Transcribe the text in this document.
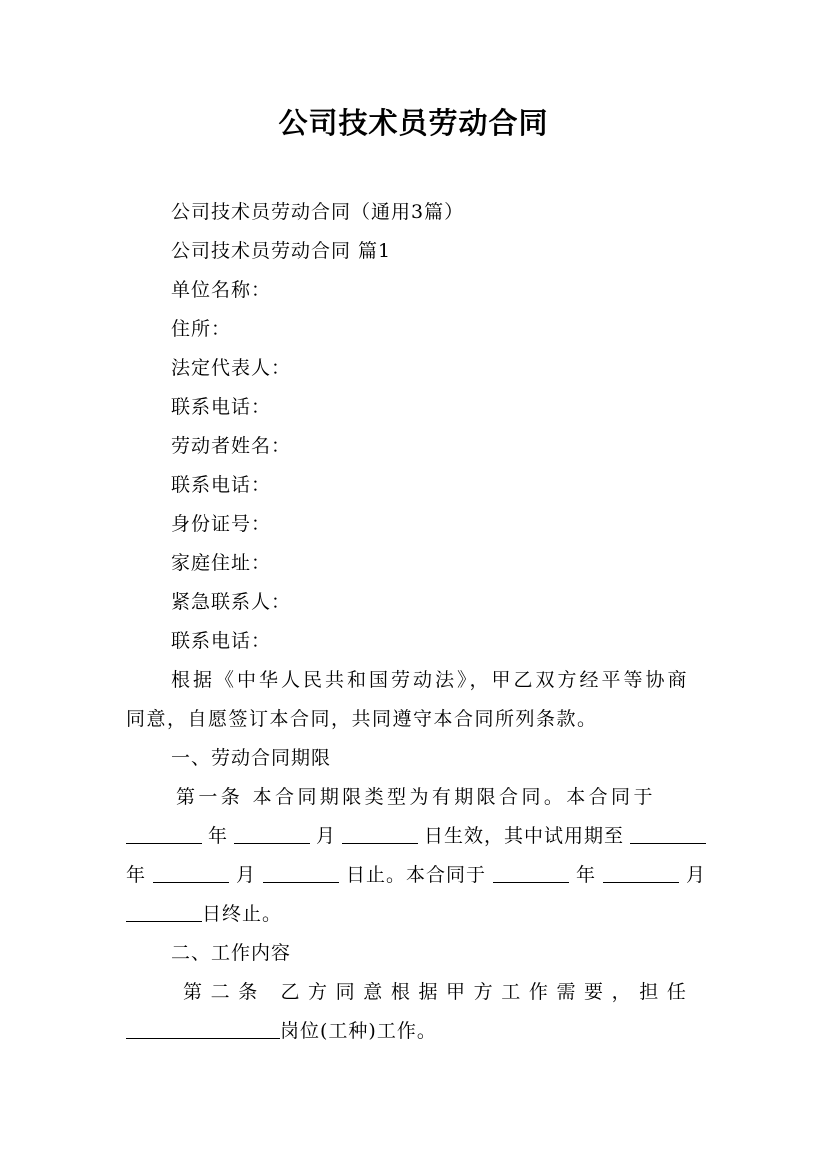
公司技术员劳动合同
公司技术员劳动合同（通用3篇）
公司技术员劳动合同 篇1
单位名称：
住所：
法定代表人：
联系电话：
劳动者姓名：
联系电话：
身份证号：
家庭住址：
紧急联系人：
联系电话：
根据《中华人民共和国劳动法》，甲乙双方经平等协商
同意，自愿签订本合同，共同遵守本合同所列条款。
一、劳动合同期限
第一条 本合同期限类型为有期限合同。本合同于
年	月	日生效，其中试用期至
年	月	日止。本合同于	年	月
日终止。
二、工作内容
第二条 乙方同意根据甲方工作需要，担任
岗位(工种)工作。
